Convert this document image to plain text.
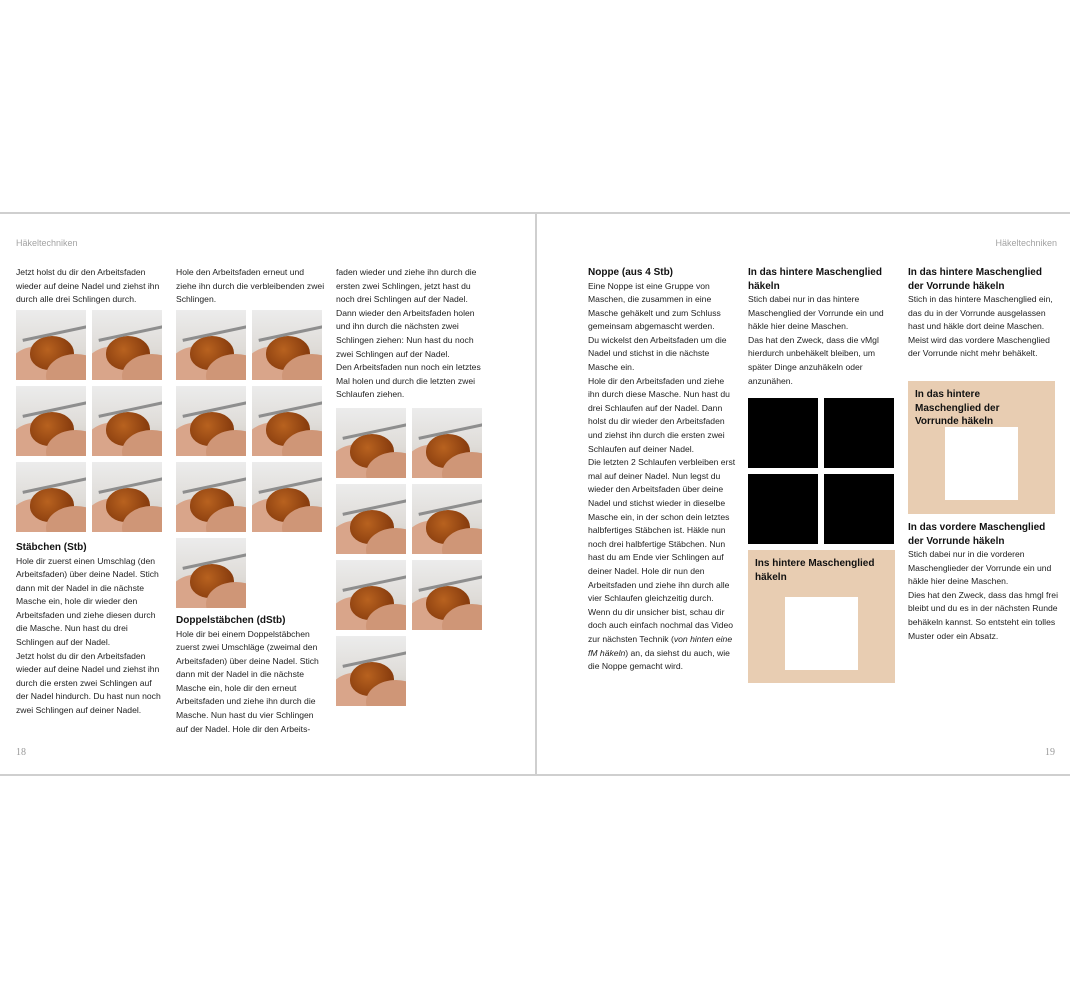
Häkeltechniken
18

Jetzt holst du dir den Arbeitsfaden wieder auf deine Nadel und ziehst ihn durch alle drei Schlingen durch.

Stäbchen (Stb)

Hole dir zuerst einen Umschlag (den Arbeitsfaden) über deine Nadel. Stich dann mit der Nadel in die nächste Masche ein, hole dir wieder den Arbeitsfaden und ziehe diesen durch die Masche. Nun hast du drei Schlingen auf der Nadel.

Jetzt holst du dir den Arbeitsfaden wieder auf deine Nadel und ziehst ihn durch die ersten zwei Schlingen auf der Nadel hindurch. Du hast nun noch zwei Schlingen auf deiner Nadel.

Hole den Arbeitsfaden erneut und ziehe ihn durch die verbleibenden zwei Schlingen.

Doppelstäbchen (dStb)

Hole dir bei einem Doppelstäbchen zuerst zwei Umschläge (zweimal den Arbeitsfaden) über deine Nadel. Stich dann mit der Nadel in die nächste Masche ein, hole dir den erneut Arbeitsfaden und ziehe ihn durch die Masche. Nun hast du vier Schlingen auf der Nadel. Hole dir den Arbeits-

faden wieder und ziehe ihn durch die ersten zwei Schlingen, jetzt hast du noch drei Schlingen auf der Nadel. Dann wieder den Arbeitsfaden holen und ihn durch die nächsten zwei Schlingen ziehen: Nun hast du noch zwei Schlingen auf der Nadel.

Den Arbeitsfaden nun noch ein letztes Mal holen und durch die letzten zwei Schlaufen ziehen.

Häkeltechniken
19
Noppe (aus 4 Stb)

Eine Noppe ist eine Gruppe von Maschen, die zusammen in eine Masche gehäkelt und zum Schluss gemeinsam abgemascht werden.

Du wickelst den Arbeitsfaden um die Nadel und stichst in die nächste Masche ein.

Hole dir den Arbeitsfaden und ziehe ihn durch diese Masche. Nun hast du drei Schlaufen auf der Nadel. Dann holst du dir wieder den Arbeitsfaden und ziehst ihn durch die ersten zwei Schlaufen auf deiner Nadel.

Die letzten 2 Schlaufen verbleiben erst mal auf deiner Nadel. Nun legst du wieder den Arbeitsfaden über deine Nadel und stichst wieder in dieselbe Masche ein, in der schon dein letztes halbfertiges Stäbchen ist. Häkle nun noch drei halbfertige Stäbchen. Nun hast du am Ende vier Schlingen auf deiner Nadel. Hole dir nun den Arbeitsfaden und ziehe ihn durch alle vier Schlaufen gleichzeitig durch.

Wenn du dir unsicher bist, schau dir doch auch einfach nochmal das Video zur nächsten Technik (von hinten eine fM häkeln) an, da siehst du auch, wie die Noppe gemacht wird.

In das hintere Maschenglied häkeln

Stich dabei nur in das hintere Maschenglied der Vorrunde ein und häkle hier deine Maschen.

Das hat den Zweck, dass die vMgl hierdurch unbehäkelt bleiben, um später Dinge anzuhäkeln oder anzunähen.

Ins hintere Maschenglied häkeln
In das hintere Maschenglied der Vorrunde häkeln

Stich in das hintere Maschenglied ein, das du in der Vorrunde ausgelassen hast und häkle dort deine Maschen. Meist wird das vordere Maschenglied der Vorrunde nicht mehr behäkelt.

In das hintere Maschenglied der Vorrunde häkeln
In das vordere Maschenglied der Vorrunde häkeln

Stich dabei nur in die vorderen Maschenglieder der Vorrunde ein und häkle hier deine Maschen.

Dies hat den Zweck, dass das hmgl frei bleibt und du es in der nächsten Runde behäkeln kannst. So entsteht ein tolles Muster oder ein Absatz.
